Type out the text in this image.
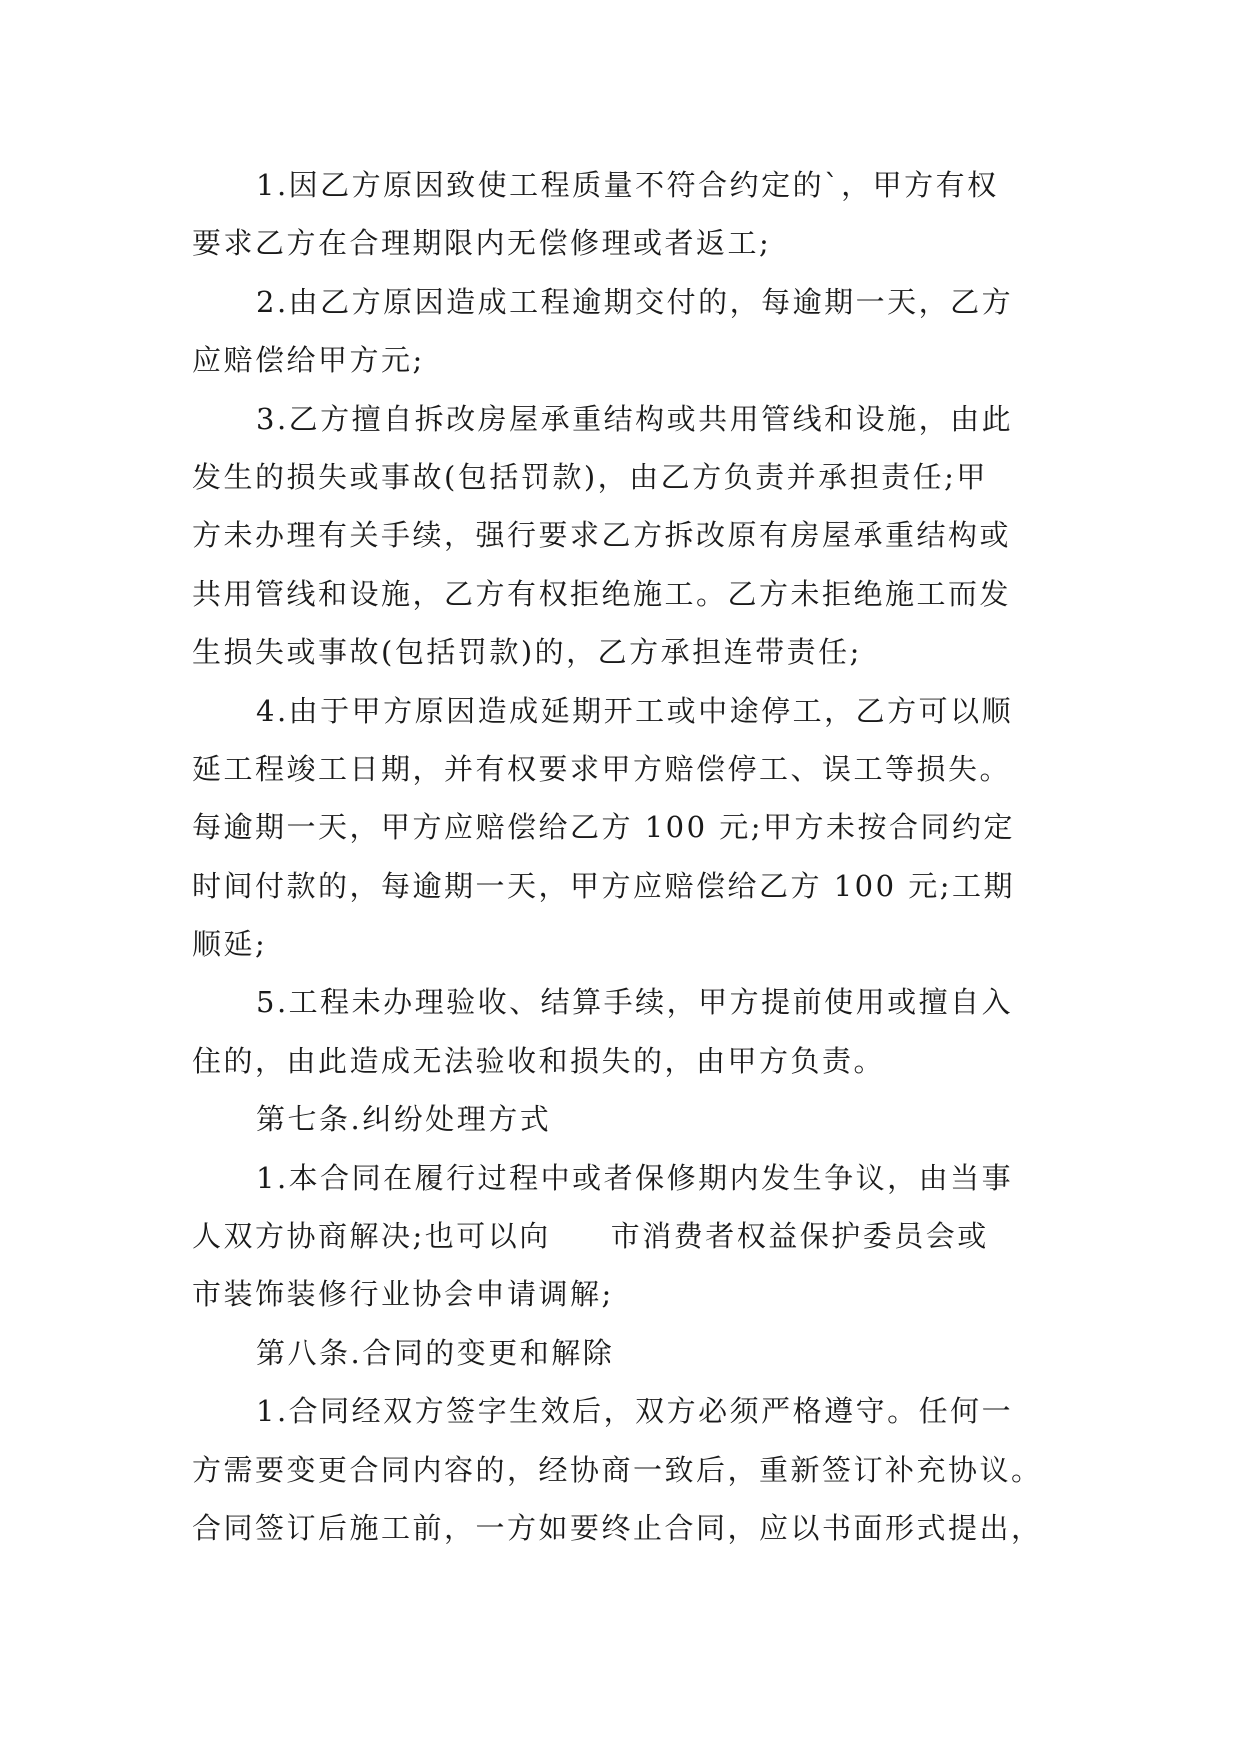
1.因乙方原因致使工程质量不符合约定的`，甲方有权
要求乙方在合理期限内无偿修理或者返工;
2.由乙方原因造成工程逾期交付的，每逾期一天，乙方
应赔偿给甲方元;
3.乙方擅自拆改房屋承重结构或共用管线和设施，由此
发生的损失或事故(包括罚款)，由乙方负责并承担责任;甲
方未办理有关手续，强行要求乙方拆改原有房屋承重结构或
共用管线和设施，乙方有权拒绝施工。乙方未拒绝施工而发
生损失或事故(包括罚款)的，乙方承担连带责任;
4.由于甲方原因造成延期开工或中途停工，乙方可以顺
延工程竣工日期，并有权要求甲方赔偿停工、误工等损失。
每逾期一天，甲方应赔偿给乙方 100 元;甲方未按合同约定
时间付款的，每逾期一天，甲方应赔偿给乙方 100 元;工期
顺延;
5.工程未办理验收、结算手续，甲方提前使用或擅自入
住的，由此造成无法验收和损失的，由甲方负责。
第七条.纠纷处理方式
1.本合同在履行过程中或者保修期内发生争议，由当事
人双方协商解决;也可以向 市消费者权益保护委员会或
市装饰装修行业协会申请调解;
第八条.合同的变更和解除
1.合同经双方签字生效后，双方必须严格遵守。任何一
方需要变更合同内容的，经协商一致后，重新签订补充协议。
合同签订后施工前，一方如要终止合同，应以书面形式提出，
